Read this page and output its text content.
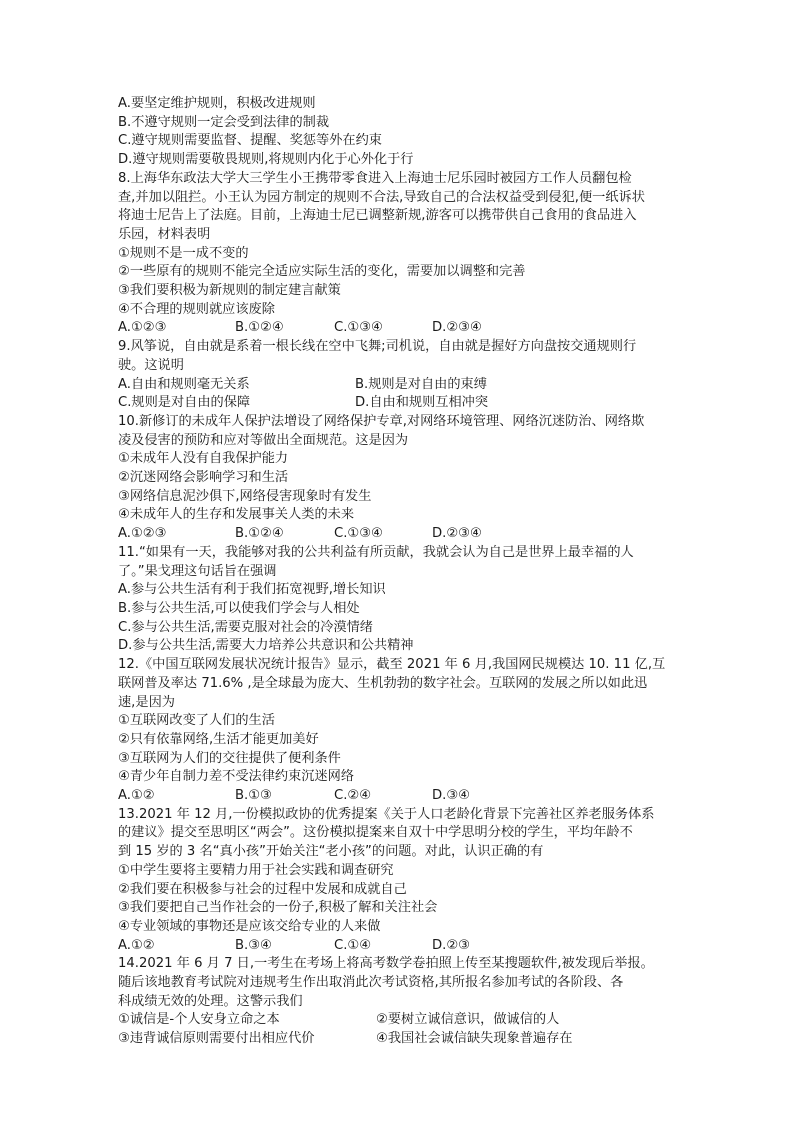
A.要坚定维护规则，积极改进规则
B.不遵守规则一定会受到法律的制裁
C.遵守规则需要监督、提醒、奖惩等外在约束
D.遵守规则需要敬畏规则,将规则内化于心外化于行
8.上海华东政法大学大三学生小王携带零食进入上海迪士尼乐园时被园方工作人员翻包检
查,并加以阻拦。小王认为园方制定的规则不合法,导致自己的合法权益受到侵犯,便一纸诉状
将迪士尼告上了法庭。目前，上海迪士尼已调整新规,游客可以携带供自己食用的食品进入
乐园，材料表明
①规则不是一成不变的
②一些原有的规则不能完全适应实际生活的变化，需要加以调整和完善
③我们要积极为新规则的制定建言献策
④不合理的规则就应该废除
A.①②③	B.①②④	C.①③④	D.②③④
9.风筝说，自由就是系着一根长线在空中飞舞;司机说，自由就是握好方向盘按交通规则行
驶。这说明
A.自由和规则毫无关系	B.规则是对自由的束缚
C.规则是对自由的保障	D.自由和规则互相冲突
10.新修订的未成年人保护法增设了网络保护专章,对网络环境管理、网络沉迷防治、网络欺
凌及侵害的预防和应对等做出全面规范。这是因为
①未成年人没有自我保护能力
②沉迷网络会影响学习和生活
③网络信息泥沙俱下,网络侵害现象时有发生
④未成年人的生存和发展事关人类的未来
A.①②③	B.①②④	C.①③④	D.②③④
11.“如果有一天，我能够对我的公共利益有所贡献，我就会认为自己是世界上最幸福的人
了。”果戈理这句话旨在强调
A.参与公共生活有利于我们拓宽视野,增长知识
B.参与公共生活,可以使我们学会与人相处
C.参与公共生活,需要克服对社会的冷漠情绪
D.参与公共生活,需要大力培养公共意识和公共精神
12.《中国互联网发展状况统计报告》显示，截至 2021 年 6 月,我国网民规模达 10. 11 亿,互
联网普及率达 71.6% ,是全球最为庞大、生机勃勃的数字社会。互联网的发展之所以如此迅
速,是因为
①互联网改变了人们的生活
②只有依靠网络,生活才能更加美好
③互联网为人们的交往提供了便利条件
④青少年自制力差不受法律约束沉迷网络
A.①②	B.①③	C.②④	D.③④
13.2021 年 12 月,一份模拟政协的优秀提案《关于人口老龄化背景下完善社区养老服务体系
的建议》提交至思明区“两会”。这份模拟提案来自双十中学思明分校的学生，平均年龄不
到 15 岁的 3 名“真小孩”开始关注“老小孩”的问题。对此，认识正确的有
①中学生要将主要精力用于社会实践和调查研究
②我们要在积极参与社会的过程中发展和成就自己
③我们要把自己当作社会的一份子,积极了解和关注社会
④专业领域的事物还是应该交给专业的人来做
A.①②	B.③④	C.①④	D.②③
14.2021 年 6 月 7 日,一考生在考场上将高考数学卷拍照上传至某搜题软件,被发现后举报。
随后该地教育考试院对违规考生作出取消此次考试资格,其所报名参加考试的各阶段、各
科成绩无效的处理。这警示我们
①诚信是-个人安身立命之本	②要树立诚信意识，做诚信的人
③违背诚信原则需要付出相应代价	④我国社会诚信缺失现象普遍存在
